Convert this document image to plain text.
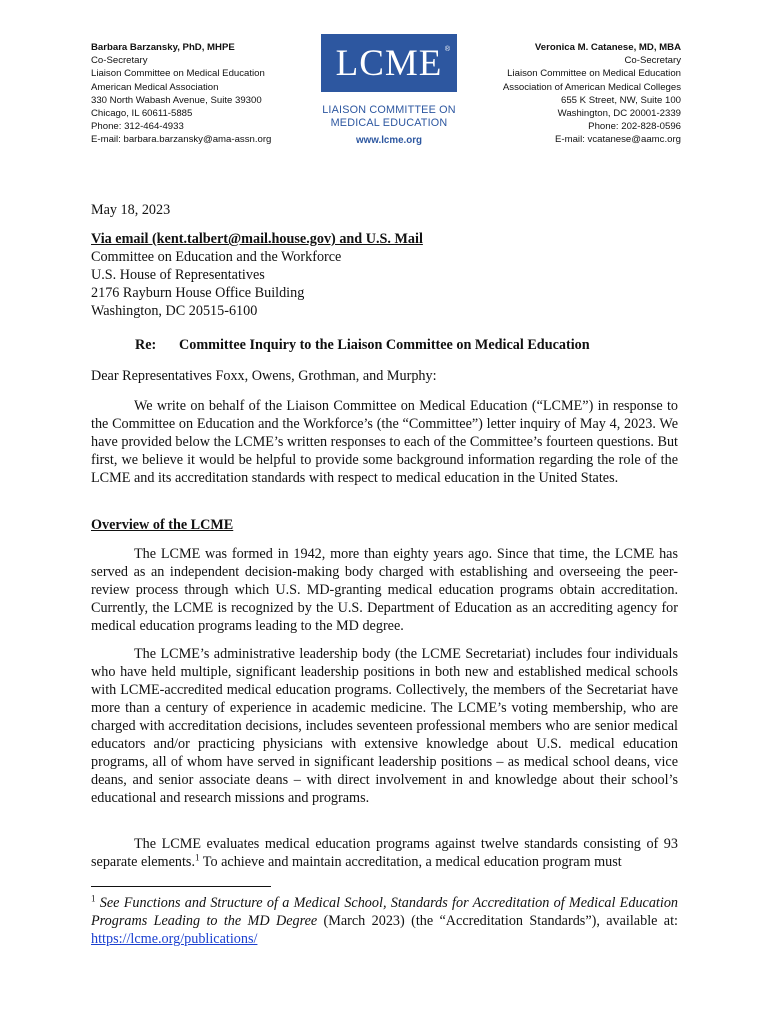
Barbara Barzansky, PhD, MHPE
Co-Secretary
Liaison Committee on Medical Education
American Medical Association
330 North Wabash Avenue, Suite 39300
Chicago, IL 60611-5885
Phone: 312-464-4933
E-mail: barbara.barzansky@ama-assn.org
LCME ®
LIAISON COMMITTEE ON
MEDICAL EDUCATION
www.lcme.org
Veronica M. Catanese, MD, MBA
Co-Secretary
Liaison Committee on Medical Education
Association of American Medical Colleges
655 K Street, NW, Suite 100
Washington, DC 20001-2339
Phone: 202-828-0596
E-mail: vcatanese@aamc.org
May 18, 2023
Via email (kent.talbert@mail.house.gov) and U.S. Mail
Committee on Education and the Workforce
U.S. House of Representatives
2176 Rayburn House Office Building
Washington, DC 20515-6100
Re: Committee Inquiry to the Liaison Committee on Medical Education
Dear Representatives Foxx, Owens, Grothman, and Murphy:

We write on behalf of the Liaison Committee on Medical Education (“LCME”) in response to the Committee on Education and the Workforce’s (the “Committee”) letter inquiry of May 4, 2023. We have provided below the LCME’s written responses to each of the Committee’s fourteen questions. But first, we believe it would be helpful to provide some background information regarding the role of the LCME and its accreditation standards with respect to medical education in the United States.

Overview of the LCME

The LCME was formed in 1942, more than eighty years ago. Since that time, the LCME has served as an independent decision-making body charged with establishing and overseeing the peer-review process through which U.S. MD-granting medical education programs obtain accreditation. Currently, the LCME is recognized by the U.S. Department of Education as an accrediting agency for medical education programs leading to the MD degree.

The LCME’s administrative leadership body (the LCME Secretariat) includes four individuals who have held multiple, significant leadership positions in both new and established medical schools with LCME-accredited medical education programs. Collectively, the members of the Secretariat have more than a century of experience in academic medicine. The LCME’s voting membership, who are charged with accreditation decisions, includes seventeen professional members who are senior medical educators and/or practicing physicians with extensive knowledge about U.S. medical education programs, all of whom have served in significant leadership positions – as medical school deans, vice deans, and senior associate deans – with direct involvement in and knowledge about their school’s educational and research missions and programs.

The LCME evaluates medical education programs against twelve standards consisting of 93 separate elements.$^1$ To achieve and maintain accreditation, a medical education program must

$^1$ See Functions and Structure of a Medical School, Standards for Accreditation of Medical Education Programs Leading to the MD Degree (March 2023) (the “Accreditation Standards”), available at: https://lcme.org/publications/
